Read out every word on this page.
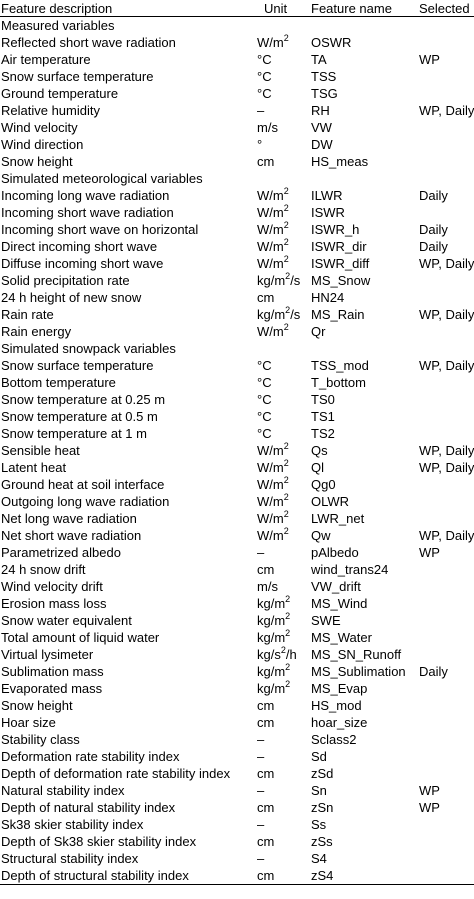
Feature description	Unit	Feature name	Selected
Measured variables			
Reflected short wave radiation	$W/m^2$	OSWR	
Air temperature	°C	TA	WP
Snow surface temperature	°C	TSS	
Ground temperature	°C	TSG	
Relative humidity	–	RH	WP, Daily
Wind velocity	m/s	VW	
Wind direction	°	DW	
Snow height	cm	HS_meas	
Simulated meteorological variables			
Incoming long wave radiation	$W/m^2$	ILWR	Daily
Incoming short wave radiation	$W/m^2$	ISWR	
Incoming short wave on horizontal	$W/m^2$	ISWR_h	Daily
Direct incoming short wave	$W/m^2$	ISWR_dir	Daily
Diffuse incoming short wave	$W/m^2$	ISWR_diff	WP, Daily
Solid precipitation rate	$kg/m^2/s$	MS_Snow	
24 h height of new snow	cm	HN24	
Rain rate	$kg/m^2/s$	MS_Rain	WP, Daily
Rain energy	$W/m^2$	Qr	
Simulated snowpack variables			
Snow surface temperature	°C	TSS_mod	WP, Daily
Bottom temperature	°C	T_bottom	
Snow temperature at 0.25 m	°C	TS0	
Snow temperature at 0.5 m	°C	TS1	
Snow temperature at 1 m	°C	TS2	
Sensible heat	$W/m^2$	Qs	WP, Daily
Latent heat	$W/m^2$	Ql	WP, Daily
Ground heat at soil interface	$W/m^2$	Qg0	
Outgoing long wave radiation	$W/m^2$	OLWR	
Net long wave radiation	$W/m^2$	LWR_net	
Net short wave radiation	$W/m^2$	Qw	WP, Daily
Parametrized albedo	–	pAlbedo	WP
24 h snow drift	cm	wind_trans24	
Wind velocity drift	m/s	VW_drift	
Erosion mass loss	$kg/m^2$	MS_Wind	
Snow water equivalent	$kg/m^2$	SWE	
Total amount of liquid water	$kg/m^2$	MS_Water	
Virtual lysimeter	$kg/s^2/h$	MS_SN_Runoff	
Sublimation mass	$kg/m^2$	MS_Sublimation	Daily
Evaporated mass	$kg/m^2$	MS_Evap	
Snow height	cm	HS_mod	
Hoar size	cm	hoar_size	
Stability class	–	Sclass2	
Deformation rate stability index	–	Sd	
Depth of deformation rate stability index	cm	zSd	
Natural stability index	–	Sn	WP
Depth of natural stability index	cm	zSn	WP
Sk38 skier stability index	–	Ss	
Depth of Sk38 skier stability index	cm	zSs	
Structural stability index	–	S4	
Depth of structural stability index	cm	zS4	
